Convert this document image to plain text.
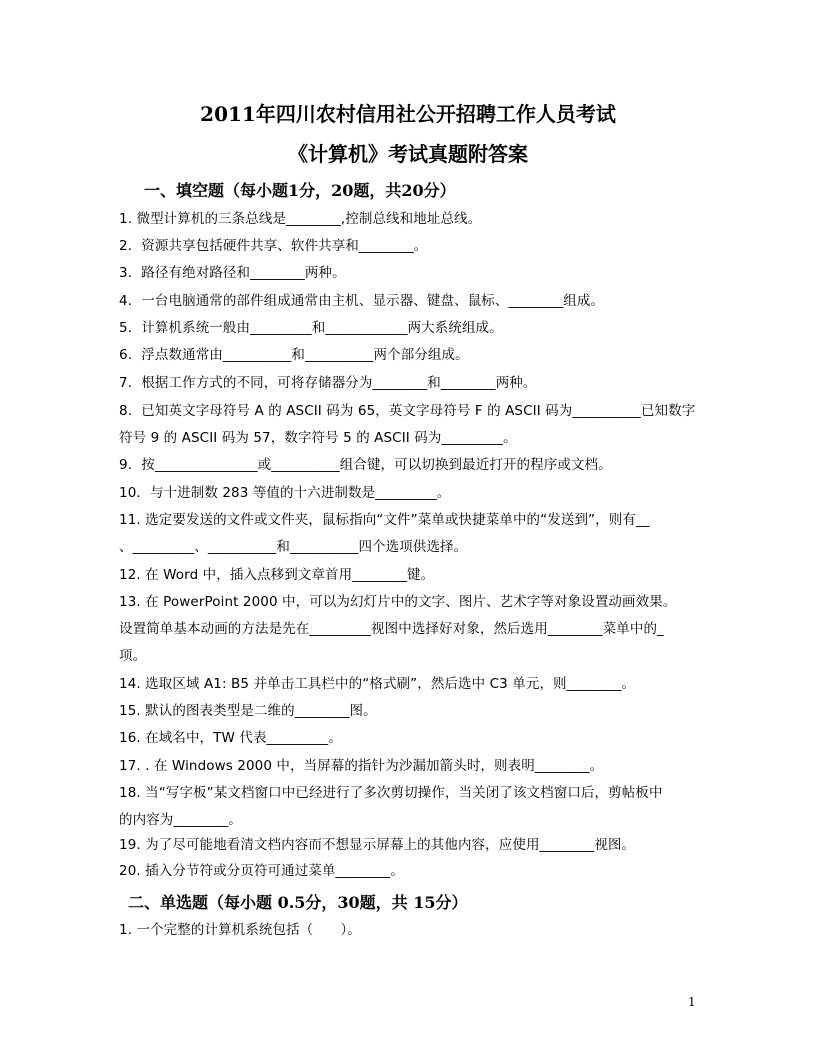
2011年四川农村信用社公开招聘工作人员考试
《计算机》考试真题附答案
一、填空题（每小题1分，20题，共20分）
1. 微型计算机的三条总线是________,控制总线和地址总线。
2．资源共享包括硬件共享、软件共享和________。
3．路径有绝对路径和________两种。
4．一台电脑通常的部件组成通常由主机、显示器、键盘、鼠标、________组成。
5．计算机系统一般由_________和____________两大系统组成。
6．浮点数通常由__________和__________两个部分组成。
7．根据工作方式的不同，可将存储器分为________和________两种。
8．已知英文字母符号 A 的 ASCII 码为 65，英文字母符号 F 的 ASCII 码为__________已知数字
符号 9 的 ASCII 码为 57，数字符号 5 的 ASCII 码为_________。
9．按_______________或__________组合键，可以切换到最近打开的程序或文档。
10．与十进制数 283 等值的十六进制数是_________。
11. 选定要发送的文件或文件夹，鼠标指向“文件”菜单或快捷菜单中的“发送到”，则有__
、_________、__________和__________四个选项供选择。
12. 在 Word 中，插入点移到文章首用________键。
13. 在 PowerPoint 2000 中，可以为幻灯片中的文字、图片、艺术字等对象设置动画效果。
设置简单基本动画的方法是先在_________视图中选择好对象，然后选用________菜单中的_
项。
14. 选取区域 A1: B5 并单击工具栏中的“格式刷”，然后选中 C3 单元，则________。
15. 默认的图表类型是二维的________图。
16. 在域名中，TW 代表_________。
17. . 在 Windows 2000 中，当屏幕的指针为沙漏加箭头时，则表明________。
18. 当“写字板”某文档窗口中已经进行了多次剪切操作，当关闭了该文档窗口后，剪帖板中
的内容为________。
19. 为了尽可能地看清文档内容而不想显示屏幕上的其他内容，应使用________视图。
20. 插入分节符或分页符可通过菜单________。
二、单选题（每小题 0.5分，30题，共 15分）
1. 一个完整的计算机系统包括（　　）。
1
